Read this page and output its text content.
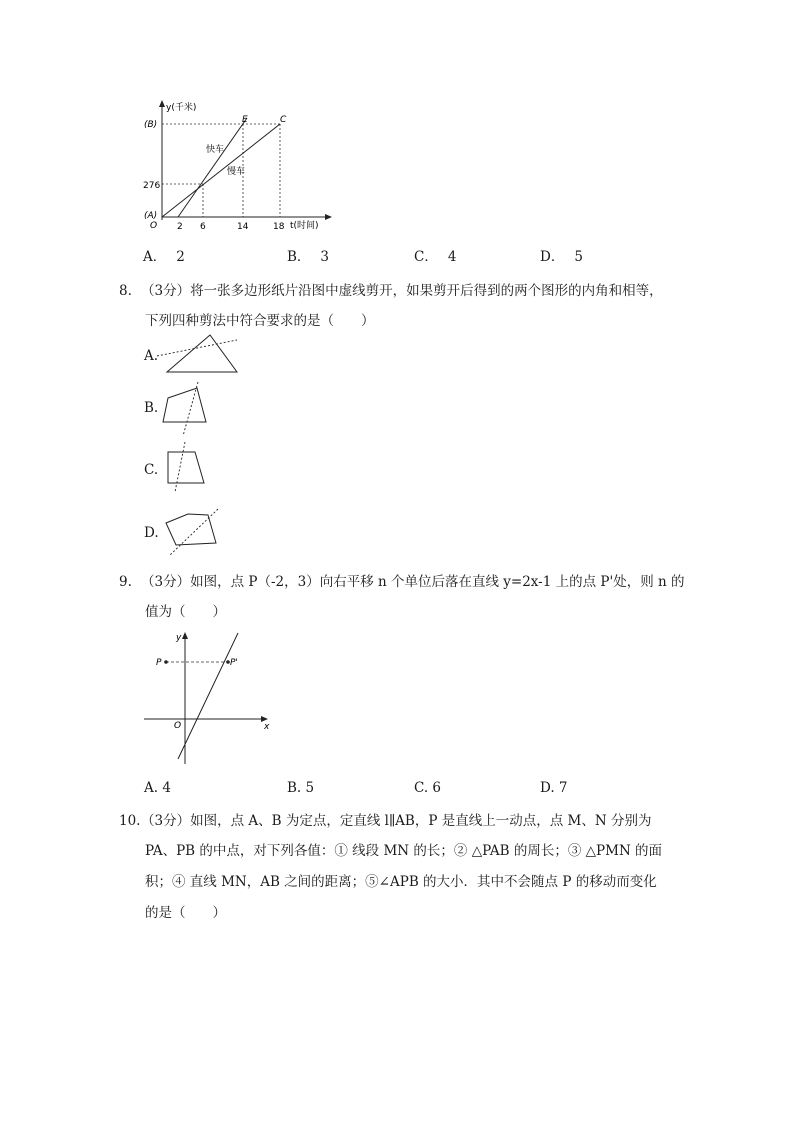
y(千米)
(B)
276
(A)
O 2 6	14	18 t(时间)
E	C
快车
慢车
A． 2	B． 3	C． 4	D． 5
8. （3分）将一张多边形纸片沿图中虚线剪开，如果剪开后得到的两个图形的内角和相等，
下列四种剪法中符合要求的是（　　）
A.
B.
C.
D.
9. （3分）如图，点 P（-2，3）向右平移 n 个单位后落在直线 y=2x-1 上的点 P'处，则 n 的
值为（　　）
y
x
O
P	P'
A. 4	B. 5	C. 6	D. 7
10. （3分）如图，点 A、B 为定点，定直线 l∥AB，P 是直线上一动点，点 M、N 分别为
PA、PB 的中点，对下列各值：① 线段 MN 的长；② △PAB 的周长；③ △PMN 的面
积；④ 直线 MN，AB 之间的距离；⑤∠APB 的大小．其中不会随点 P 的移动而变化
的是（　　）
